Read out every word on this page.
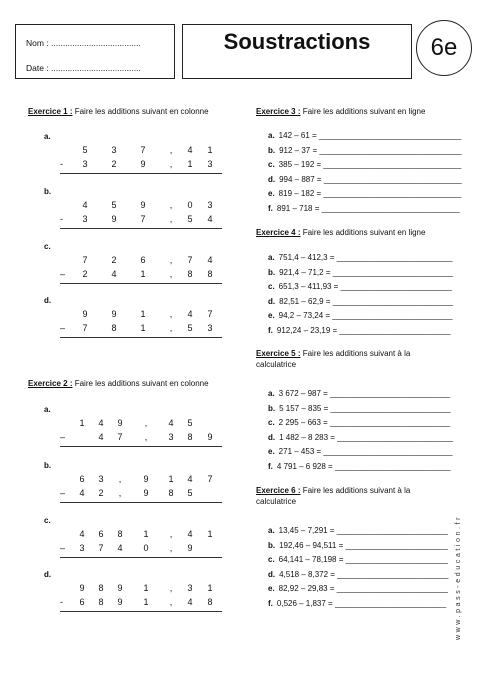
Nom : ......................................
Date : ......................................
Soustractions	6e
Exercice 1 : Faire les additions suivant en colonne
Exercice 2 : Faire les additions suivant en colonne
Exercice 3 : Faire les additions suivant en ligne
Exercice 4 : Faire les additions suivant en ligne
Exercice 5 : Faire les additions suivant à la
calculatrice
Exercice 6 : Faire les additions suivant à la
calculatrice
a.
5	3	7	,	4 1
- 3	2	9	,	1 3
b.
4	5	9	,	0 3
- 3	9	7	,	5 4
c.
7	2	6	,	7 4
– 2	4	1	,	8 8
d.
9	9	1	,	4 7
– 7	8	1	,	5 3
a.
1 4 9	,	4 5
–	4 7	,	3 8 9
b.
6 3	,	9 1 4 7
– 4 2	,	9 8 5
c.
4 6 8 1	,	4 1
– 3 7 4 0	,	9
d.
9 8 9 1	,	3 1
- 6 8 9 1	,	4 8
a. 142 – 61 = ________________________________
b. 912 – 37 = ________________________________
c. 385 – 192 = _______________________________
d. 994 – 887 = _______________________________
e. 819 – 182 = _______________________________
f. 891 – 718 = _______________________________
a. 751,4 – 412,3 = __________________________
b. 921,4 – 71,2 = ___________________________
c. 651,3 – 411,93 = _________________________
d. 82,51 – 62,9 = ___________________________
e. 94,2 – 73,24 = ___________________________
f. 912,24 – 23,19 = _________________________
a. 3 672 – 987 = ___________________________
b. 5 157 – 835 = ___________________________
c. 2 295 – 663 = ___________________________
d. 1 482 – 8 283 = __________________________
e. 271 – 453 = _____________________________
f. 4 791 – 6 928 = __________________________
a. 13,45 – 7,291 = _________________________
b. 192,46 – 94,511 = _______________________
c. 64,141 – 78,198 = _______________________
d. 4,518 – 8,372 = _________________________
e. 82,92 – 29,83 = _________________________
f. 0,526 – 1,837 = _________________________ www.pass-education.fr
